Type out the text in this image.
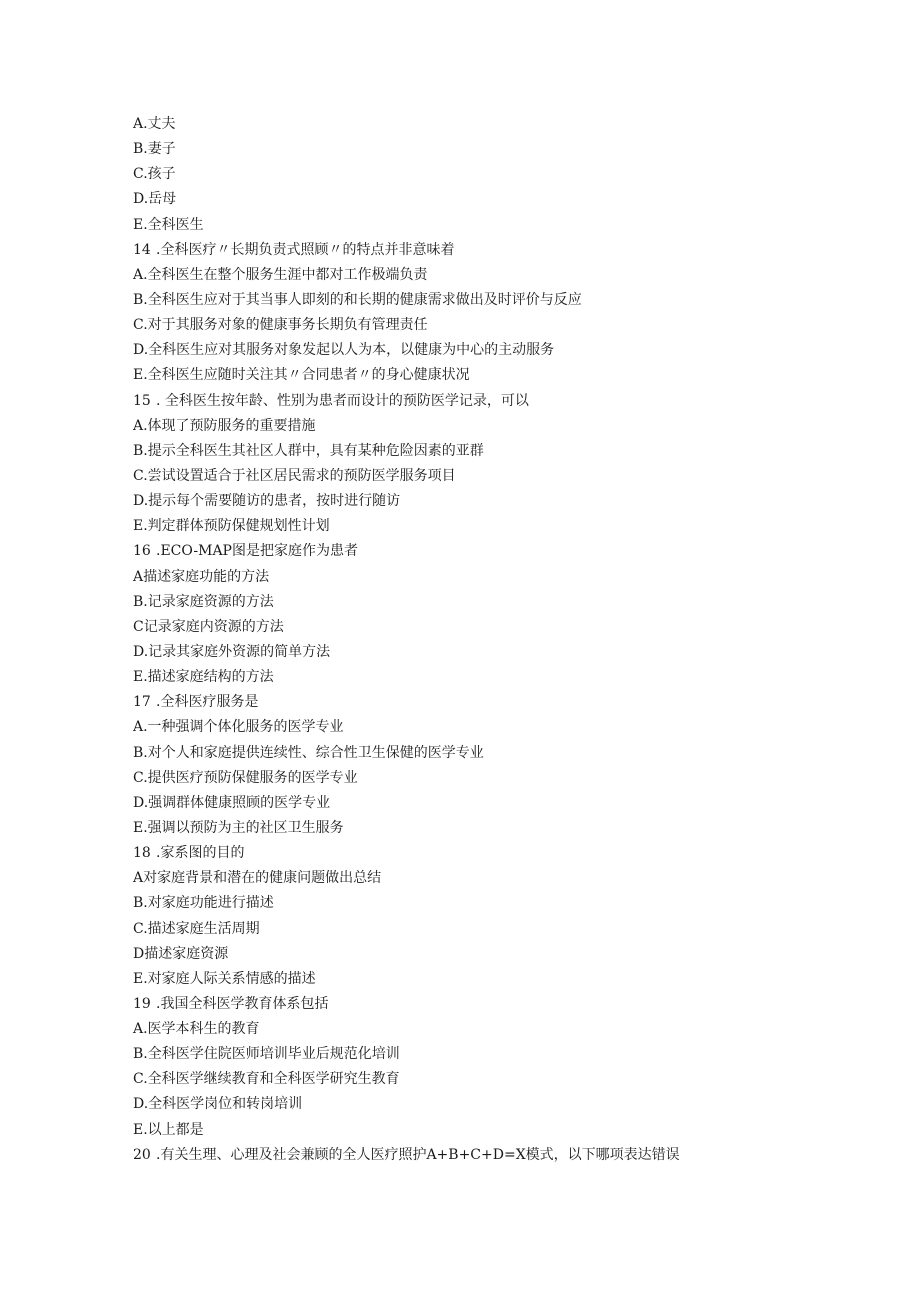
A.丈夫
B.妻子
C.孩子
D.岳母
E.全科医生
14 .全科医疗〃长期负责式照顾〃的特点并非意味着
A.全科医生在整个服务生涯中都对工作极端负责
B.全科医生应对于其当事人即刻的和长期的健康需求做出及时评价与反应
C.对于其服务对象的健康事务长期负有管理责任
D.全科医生应对其服务对象发起以人为本，以健康为中心的主动服务
E.全科医生应随时关注其〃合同患者〃的身心健康状况
15 . 全科医生按年龄、性别为患者而设计的预防医学记录，可以
A.体现了预防服务的重要措施
B.提示全科医生其社区人群中，具有某种危险因素的亚群
C.尝试设置适合于社区居民需求的预防医学服务项目
D.提示每个需要随访的患者，按时进行随访
E.判定群体预防保健规划性计划
16 .ECO-MAP图是把家庭作为患者
A描述家庭功能的方法
B.记录家庭资源的方法
C记录家庭内资源的方法
D.记录其家庭外资源的简单方法
E.描述家庭结构的方法
17 .全科医疗服务是
A.一种强调个体化服务的医学专业
B.对个人和家庭提供连续性、综合性卫生保健的医学专业
C.提供医疗预防保健服务的医学专业
D.强调群体健康照顾的医学专业
E.强调以预防为主的社区卫生服务
18 .家系图的目的
A对家庭背景和潜在的健康问题做出总结
B.对家庭功能进行描述
C.描述家庭生活周期
D描述家庭资源
E.对家庭人际关系情感的描述
19 .我国全科医学教育体系包括
A.医学本科生的教育
B.全科医学住院医师培训毕业后规范化培训
C.全科医学继续教育和全科医学研究生教育
D.全科医学岗位和转岗培训
E.以上都是
20 .有关生理、心理及社会兼顾的全人医疗照护A+B+C+D=X模式，以下哪项表达错误
